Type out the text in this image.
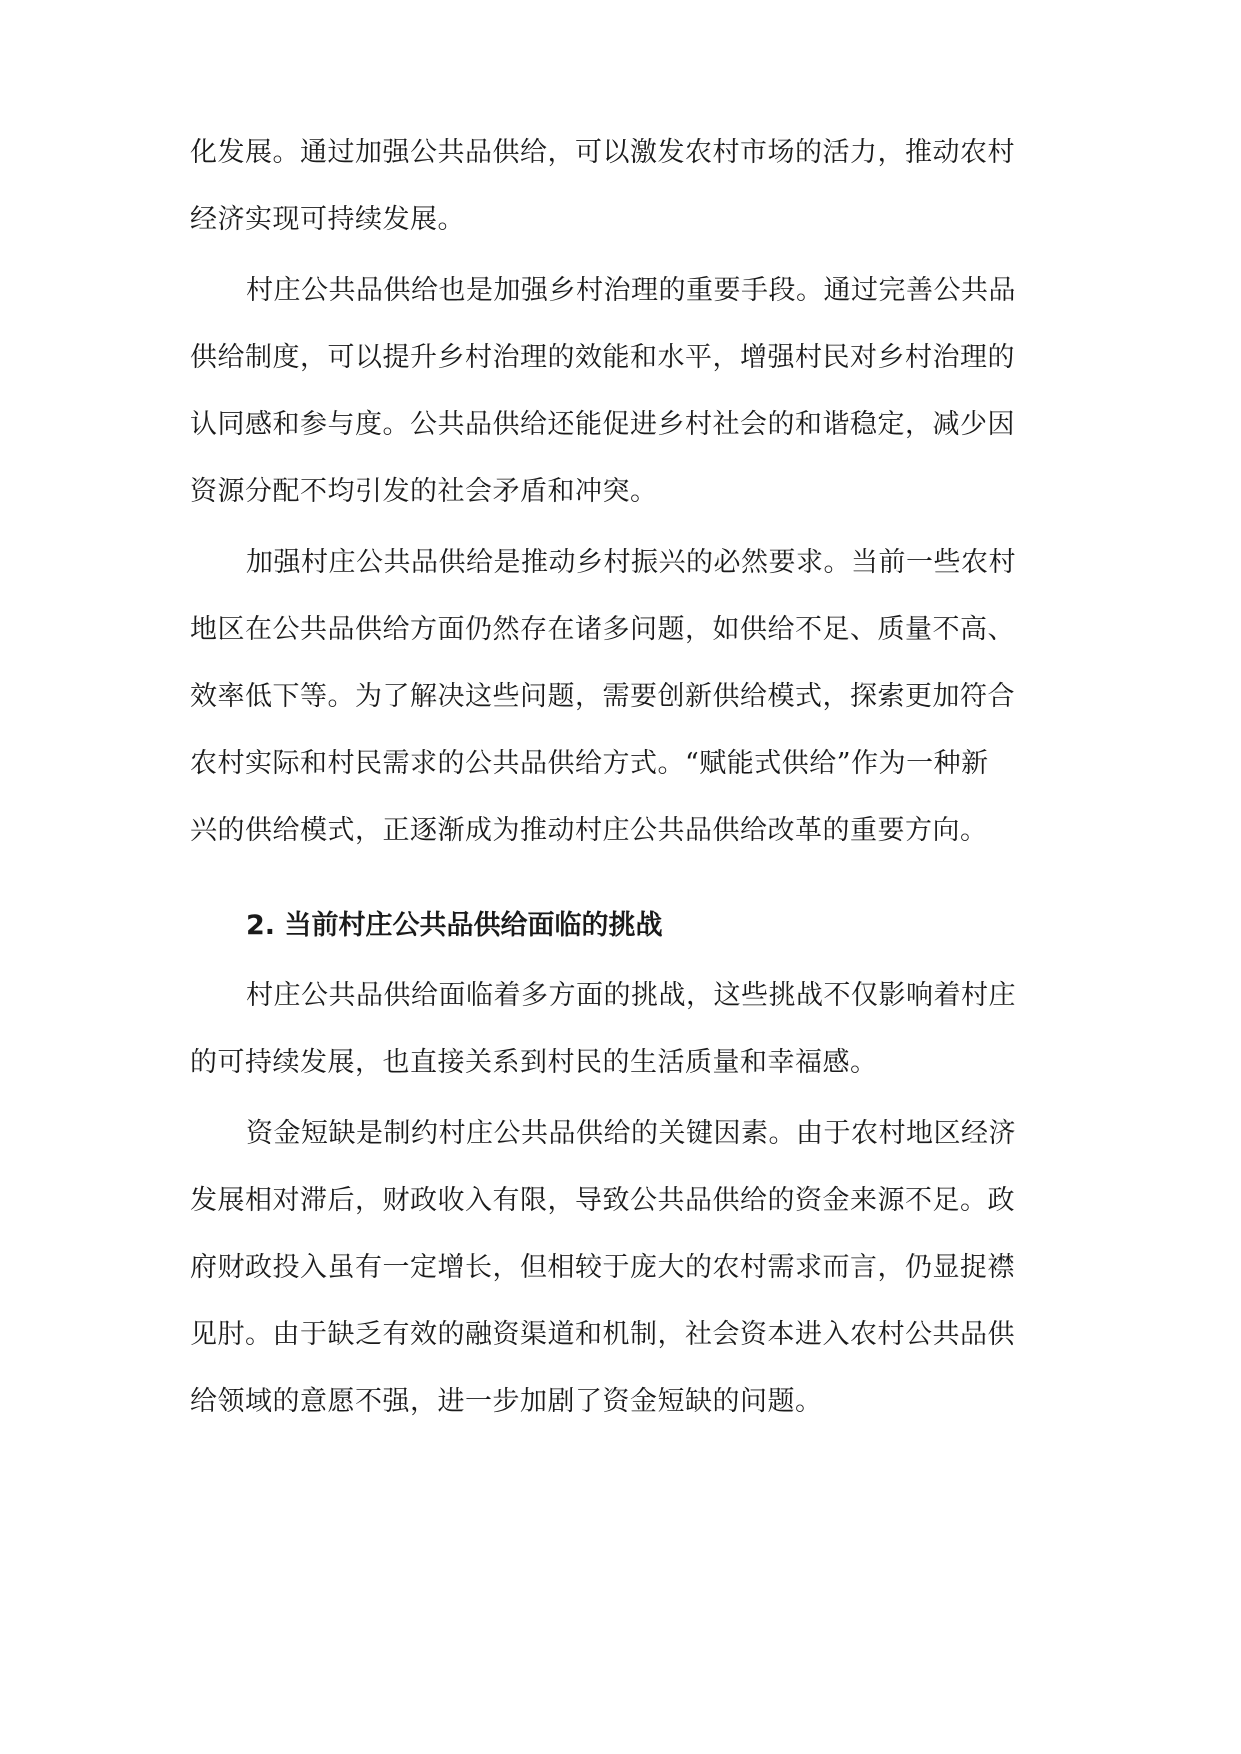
化发展。通过加强公共品供给，可以激发农村市场的活力，推动农村
经济实现可持续发展。
村庄公共品供给也是加强乡村治理的重要手段。通过完善公共品
供给制度，可以提升乡村治理的效能和水平，增强村民对乡村治理的
认同感和参与度。公共品供给还能促进乡村社会的和谐稳定，减少因
资源分配不均引发的社会矛盾和冲突。
加强村庄公共品供给是推动乡村振兴的必然要求。当前一些农村
地区在公共品供给方面仍然存在诸多问题，如供给不足、质量不高、
效率低下等。为了解决这些问题，需要创新供给模式，探索更加符合
农村实际和村民需求的公共品供给方式。“赋能式供给”作为一种新
兴的供给模式，正逐渐成为推动村庄公共品供给改革的重要方向。
2. 当前村庄公共品供给面临的挑战
村庄公共品供给面临着多方面的挑战，这些挑战不仅影响着村庄
的可持续发展，也直接关系到村民的生活质量和幸福感。
资金短缺是制约村庄公共品供给的关键因素。由于农村地区经济
发展相对滞后，财政收入有限，导致公共品供给的资金来源不足。政
府财政投入虽有一定增长，但相较于庞大的农村需求而言，仍显捉襟
见肘。由于缺乏有效的融资渠道和机制，社会资本进入农村公共品供
给领域的意愿不强，进一步加剧了资金短缺的问题。
